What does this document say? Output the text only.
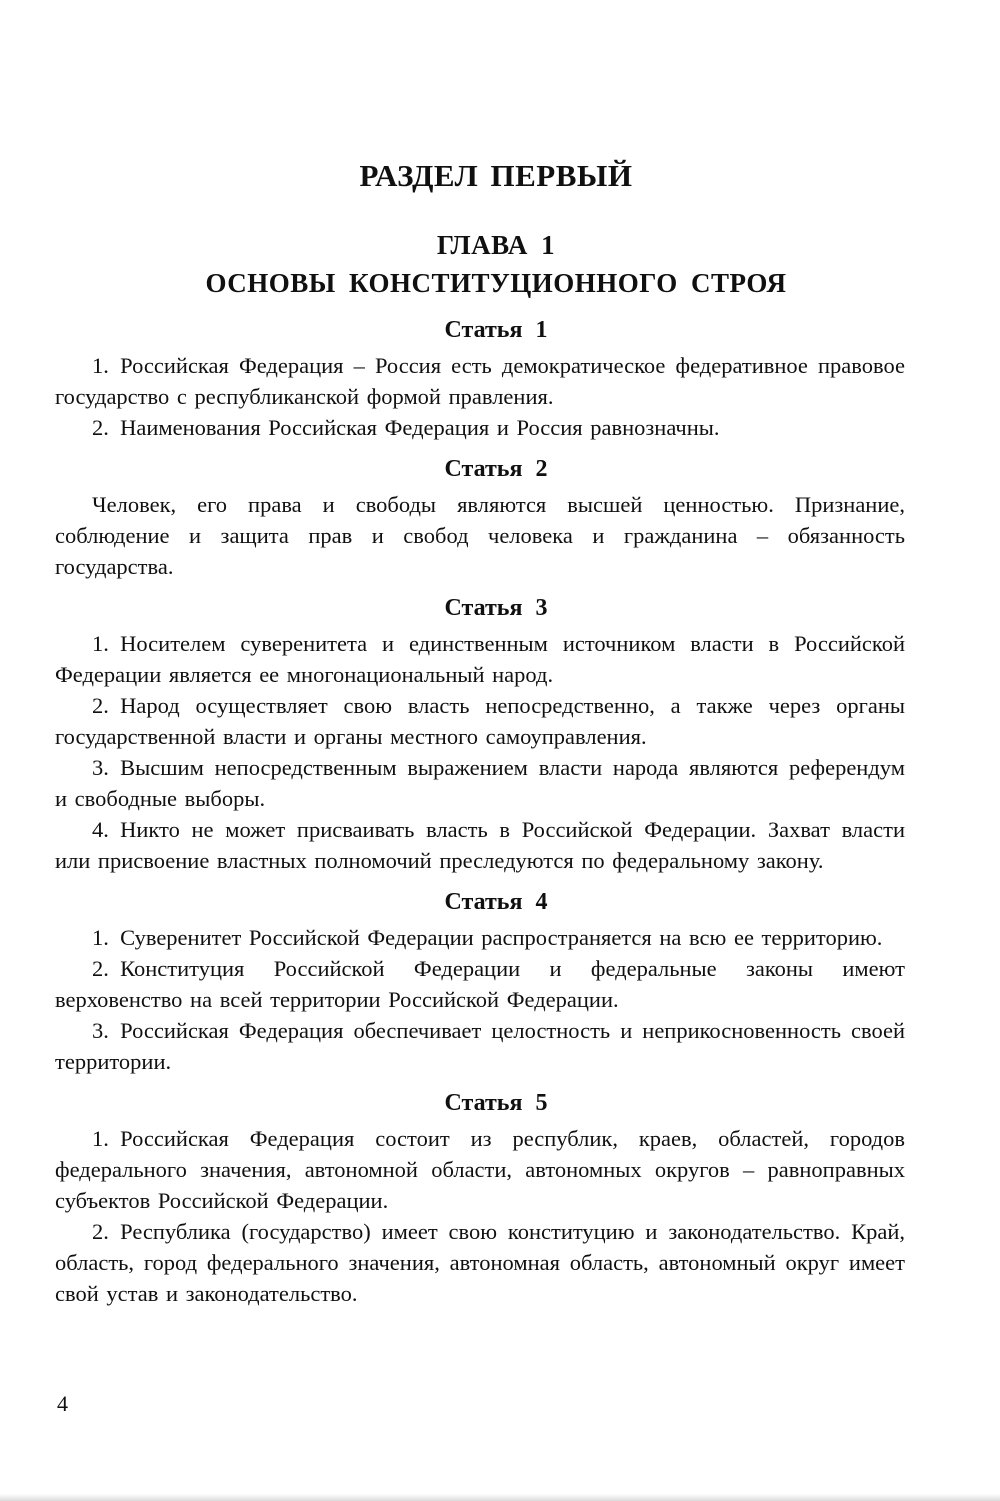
РАЗДЕЛ ПЕРВЫЙ
ГЛАВА 1
ОСНОВЫ КОНСТИТУЦИОННОГО СТРОЯ
Статья 1

1. Российская Федерация – Россия есть демократическое федеративное правовое государство с республиканской формой правления.

2. Наименования Российская Федерация и Россия равнозначны.

Статья 2

Человек, его права и свободы являются высшей ценностью. Признание, соблюдение и защита прав и свобод человека и гражданина – обязанность государства.

Статья 3

1. Носителем суверенитета и единственным источником власти в Российской Федерации является ее многонациональный народ.

2. Народ осуществляет свою власть непосредственно, а также через органы государственной власти и органы местного самоуправления.

3. Высшим непосредственным выражением власти народа являются референдум и свободные выборы.

4. Никто не может присваивать власть в Российской Федерации. Захват власти или присвоение властных полномочий преследуются по федеральному закону.

Статья 4

1. Суверенитет Российской Федерации распространяется на всю ее территорию.

2. Конституция Российской Федерации и федеральные законы имеют верховенство на всей территории Российской Федерации.

3. Российская Федерация обеспечивает целостность и неприкосновенность своей территории.

Статья 5

1. Российская Федерация состоит из республик, краев, областей, городов федерального значения, автономной области, автономных округов – равноправных субъектов Российской Федерации.

2. Республика (государство) имеет свою конституцию и законодательство. Край, область, город федерального значения, автономная область, автономный округ имеет свой устав и законодательство.

4
